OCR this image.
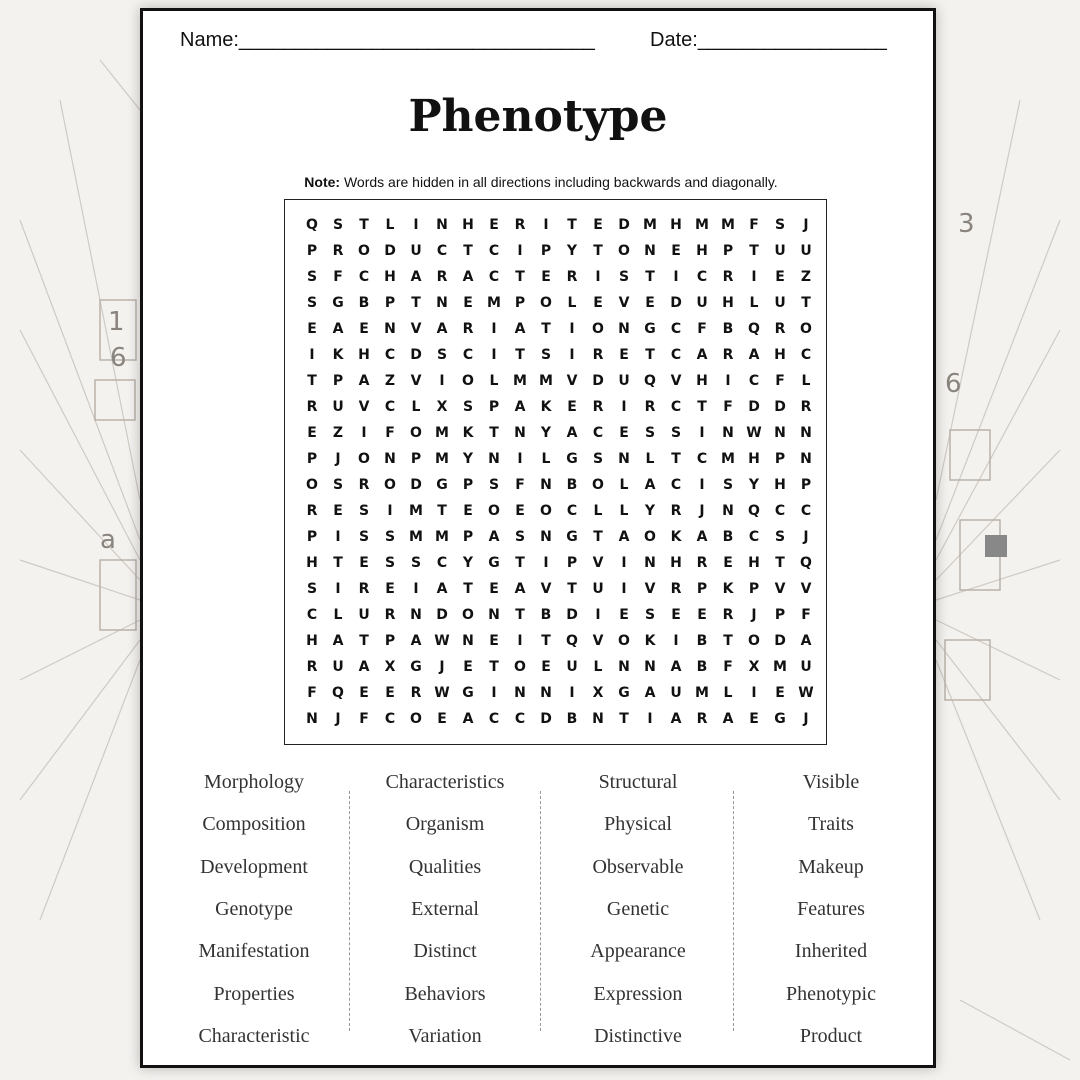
1
6
a
3
6
Name:________________________________	Date:_________________
Phenotype
Note: Words are hidden in all directions including backwards and diagonally.
Q	S	T	L	I	N	H	E	R	I	T	E	D M H M M	F	S	J
P	R	O	D	U	C	T	C	I	P	Y	T	O	N	E	H	P	T	U	U
S	F	C	H	A	R	A	C	T	E	R	I	S	T	I	C	R	I	E	Z
S	G	B	P	T	N	E	M P	O	L	E	V	E	D	U	H	L	U	T
E	A	E	N	V	A	R	I	A	T	I	O	N	G	C	F	B	Q	R	O
I	K	H	C	D	S	C	I	T	S	I	R	E	T	C	A	R	A	H	C
T	P	A	Z	V	I	O	L	M M V	D	U	Q	V	H	I	C	F	L
R	U	V	C	L	X	S	P	A	K	E	R	I	R	C	T	F	D	D	R
E	Z	I	F	O M K	T	N	Y	A	C	E	S	S	I	N W N	N
P	J	O	N	P M Y	N	I	L	G	S	N	L	T	C M H	P	N
O	S	R	O	D	G	P	S	F	N	B	O	L	A	C	I	S	Y	H	P
R	E	S	I	M	T	E	O	E	O	C	L	L	Y	R	J	N	Q	C	C
P	I	S	S M M P	A	S	N	G	T	A	O	K	A	B	C	S	J
H	T	E	S	S	C	Y	G	T	I	P	V	I	N	H	R	E	H	T	Q
S	I	R	E	I	A	T	E	A	V	T	U	I	V	R	P	K	P	V	V
C	L	U	R	N	D	O	N	T	B	D	I	E	S	E	E	R	J	P	F
H	A	T	P	A W N	E	I	T	Q	V	O	K	I	B	T	O	D	A
R	U	A	X	G	J	E	T	O	E	U	L	N	N	A	B	F	X M U
F	Q	E	E	R W G	I	N	N	I	X	G	A	U M	L	I	E W
N	J	F	C	O	E	A	C	C	D	B	N	T	I	A	R	A	E	G	J
Morphology
Composition
Development
Genotype
Manifestation
Properties
Characteristic
Characteristics
Organism
Qualities
External
Distinct
Behaviors
Variation
Structural
Physical
Observable
Genetic
Appearance
Expression
Distinctive
Visible
Traits
Makeup
Features
Inherited
Phenotypic
Product
